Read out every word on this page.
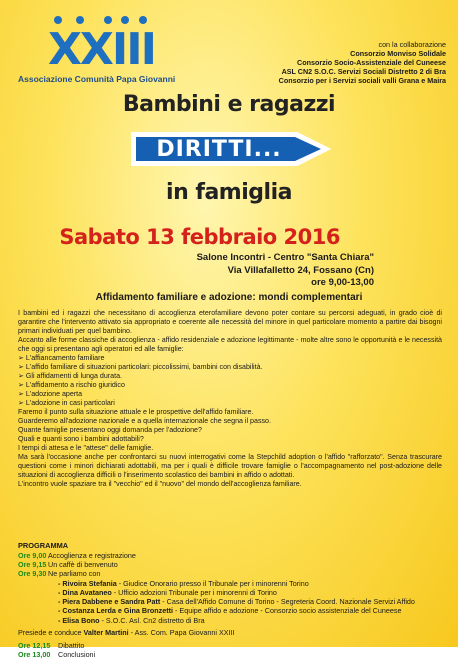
XXIII
Associazione Comunità Papa Giovanni
con la collaborazione
Consorzio Monviso Solidale
Consorzio Socio-Assistenziale del Cuneese
ASL CN2 S.O.C. Servizi Sociali Distretto 2 di Bra
Consorzio per i Servizi sociali valli Grana e Maira
Bambini e ragazzi
DIRITTI...
in famiglia
Sabato 13 febbraio 2016
Salone Incontri - Centro "Santa Chiara"
Via Villafalletto 24, Fossano (Cn)
ore 9,00-13,00
Affidamento familiare e adozione: mondi complementari

I bambini ed i ragazzi che necessitano di accoglienza eterofamiliare devono poter contare su percorsi adeguati, in grado cioè di garantire che l'intervento attivato sia appropriato e coerente alle necessità del minore in quel particolare momento a partire dai bisogni primari individuati per quel bambino.

Accanto alle forme classiche di accoglienza - affido residenziale e adozione legittimante - molte altre sono le opportunità e le necessità che oggi si presentano agli operatori ed alle famiglie:

➢ L'affiancamento familiare
➢ L'affido familiare di situazioni particolari: piccolissimi, bambini con disabilità.
➢ Gli affidamenti di lunga durata.
➢ L'affidamento a rischio giuridico
➢ L'adozione aperta
➢ L'adozione in casi particolari

Faremo il punto sulla situazione attuale e le prospettive dell'affido familiare.

Guarderemo all'adozione nazionale e a quella internazionale che segna il passo.

Quante famiglie presentano oggi domanda per l'adozione?

Quali e quanti sono i bambini adottabili?

I tempi di attesa e le "attese" delle famiglie.

Ma sarà l'occasione anche per confrontarci su nuovi interrogativi come la Stepchild adoption o l'affido "rafforzato". Senza trascurare questioni come i minori dichiarati adottabili, ma per i quali è difficile trovare famiglie o l'accompagnamento nel post-adozione delle situazioni di accoglienza difficili o l'inserimento scolastico dei bambini in affido o adottati.

L'incontro vuole spaziare tra il "vecchio" ed il "nuovo" del mondo dell'accoglienza familiare.

PROGRAMMA
Ore 9,00 Accoglienza e registrazione
Ore 9,15 Un caffè di benvenuto
Ore 9,30 Ne parliamo con
- Rivoira Stefania - Giudice Onorario presso il Tribunale per i minorenni Torino
- Dina Avataneo - Ufficio adozioni Tribunale per i minorenni di Torino
- Piera Dabbene e Sandra Patt - Casa dell'Affido Comune di Torino - Segreteria Coord. Nazionale Servizi Affido
- Costanza Lerda e Gina Bronzetti - Equipe affido e adozione - Consorzio socio assistenziale del Cuneese
- Elisa Bono - S.O.C. Asl. Cn2 distretto di Bra
Presiede e conduce Valter Martini - Ass. Com. Papa Giovanni XXIII
Ore 12,15	Dibattito
Ore 13,00	Conclusioni
